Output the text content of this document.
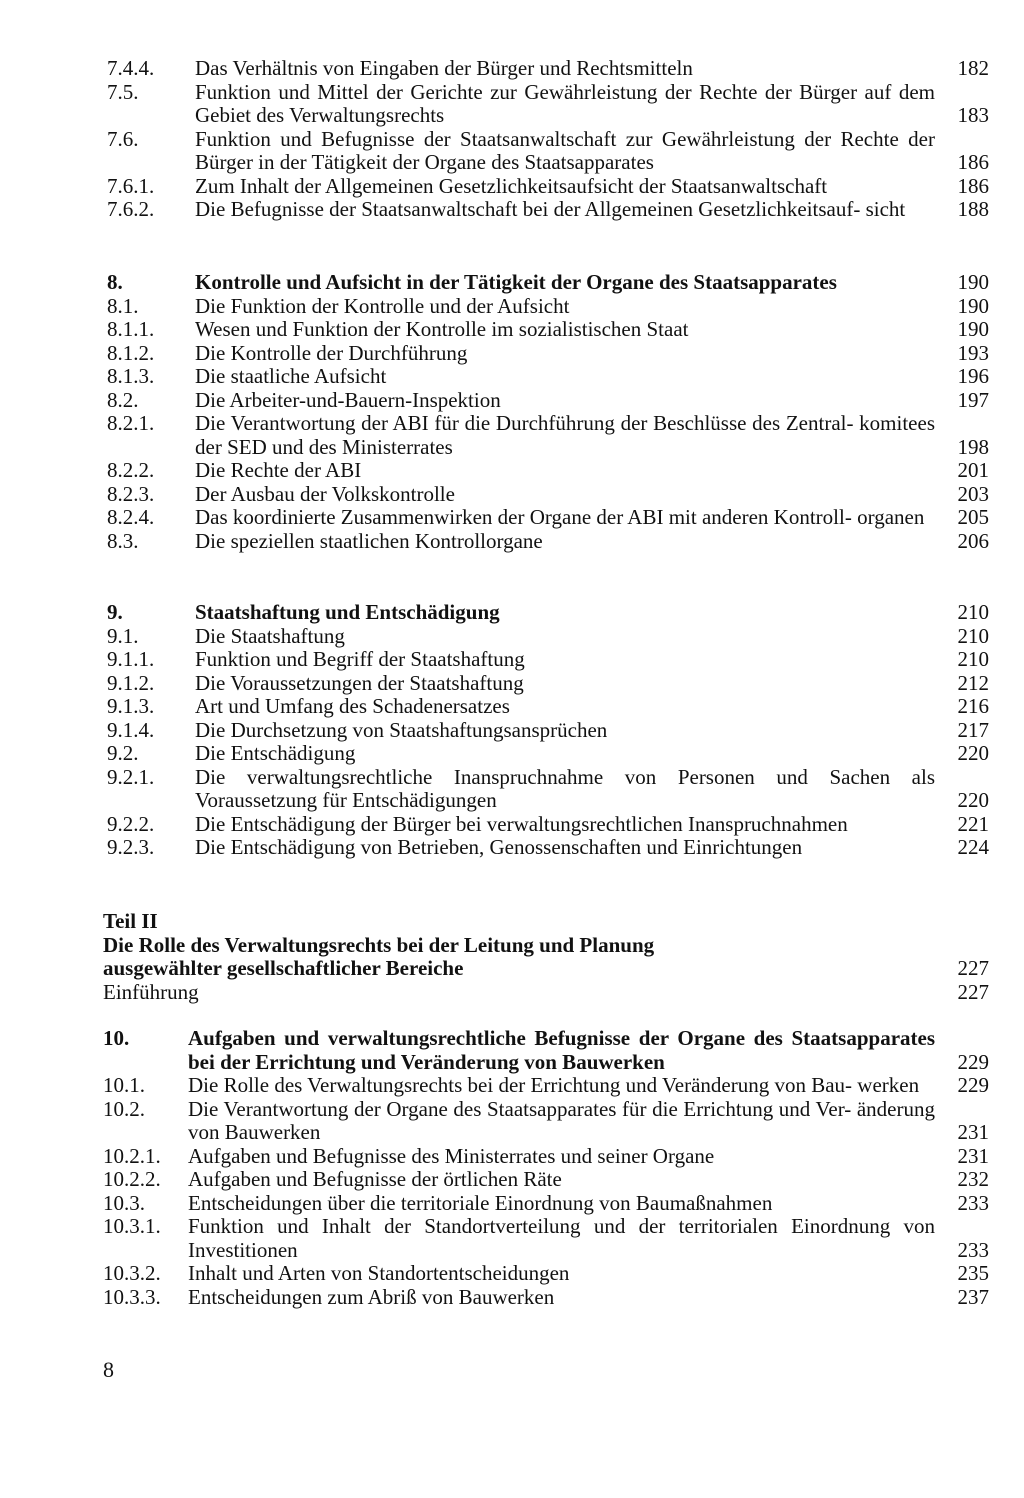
7.4.4.	Das Verhältnis von Eingaben der Bürger und Rechtsmitteln	182
7.5.	Funktion und Mittel der Gerichte zur Gewährleistung der Rechte der Bürger auf dem Gebiet des Verwaltungsrechts	183
7.6.	Funktion und Befugnisse der Staatsanwaltschaft zur Gewährleistung der Rechte der Bürger in der Tätigkeit der Organe des Staatsapparates	186
7.6.1.	Zum Inhalt der Allgemeinen Gesetzlichkeitsaufsicht der Staatsanwaltschaft	186
7.6.2.	Die Befugnisse der Staatsanwaltschaft bei der Allgemeinen Gesetzlichkeitsauf- sicht	188
8.	Kontrolle und Aufsicht in der Tätigkeit der Organe des Staatsapparates	190
8.1.	Die Funktion der Kontrolle und der Aufsicht	190
8.1.1.	Wesen und Funktion der Kontrolle im sozialistischen Staat	190
8.1.2.	Die Kontrolle der Durchführung	193
8.1.3.	Die staatliche Aufsicht	196
8.2.	Die Arbeiter-und-Bauern-Inspektion	197
8.2.1.	Die Verantwortung der ABI für die Durchführung der Beschlüsse des Zentral- komitees der SED und des Ministerrates	198
8.2.2.	Die Rechte der ABI	201
8.2.3.	Der Ausbau der Volkskontrolle	203
8.2.4.	Das koordinierte Zusammenwirken der Organe der ABI mit anderen Kontroll- organen	205
8.3.	Die speziellen staatlichen Kontrollorgane	206
9.	Staatshaftung und Entschädigung	210
9.1.	Die Staatshaftung	210
9.1.1.	Funktion und Begriff der Staatshaftung	210
9.1.2.	Die Voraussetzungen der Staatshaftung	212
9.1.3.	Art und Umfang des Schadenersatzes	216
9.1.4.	Die Durchsetzung von Staatshaftungsansprüchen	217
9.2.	Die Entschädigung	220
9.2.1.	Die verwaltungsrechtliche Inanspruchnahme von Personen und Sachen als Voraussetzung für Entschädigungen	220
9.2.2.	Die Entschädigung der Bürger bei verwaltungsrechtlichen Inanspruchnahmen	221
9.2.3.	Die Entschädigung von Betrieben, Genossenschaften und Einrichtungen	224
Teil II
Die Rolle des Verwaltungsrechts bei der Leitung und Planung
ausgewählter gesellschaftlicher Bereiche	227
Einführung	227
10.	Aufgaben und verwaltungsrechtliche Befugnisse der Organe des Staatsapparates bei der Errichtung und Veränderung von Bauwerken	229
10.1.	Die Rolle des Verwaltungsrechts bei der Errichtung und Veränderung von Bau- werken	229
10.2.	Die Verantwortung der Organe des Staatsapparates für die Errichtung und Ver- änderung von Bauwerken	231
10.2.1.	Aufgaben und Befugnisse des Ministerrates und seiner Organe	231
10.2.2.	Aufgaben und Befugnisse der örtlichen Räte	232
10.3.	Entscheidungen über die territoriale Einordnung von Baumaßnahmen	233
10.3.1.	Funktion und Inhalt der Standortverteilung und der territorialen Einordnung von Investitionen	233
10.3.2.	Inhalt und Arten von Standortentscheidungen	235
10.3.3.	Entscheidungen zum Abriß von Bauwerken	237
8
